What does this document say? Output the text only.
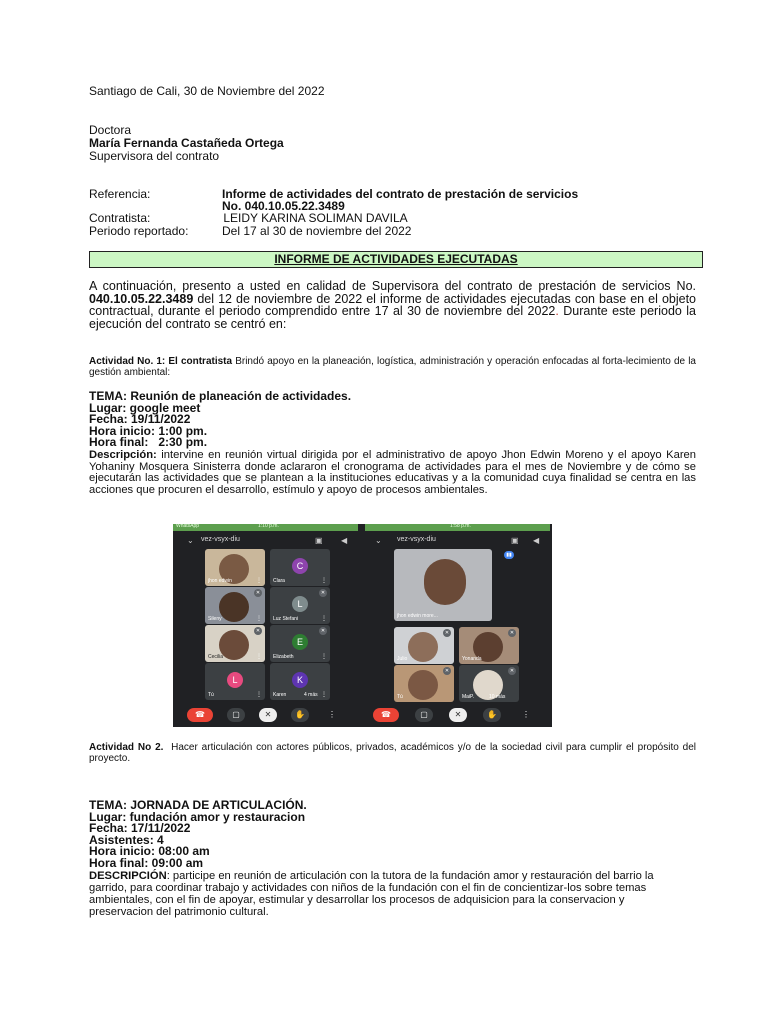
Santiago de Cali, 30 de Noviembre del 2022
Doctora
María Fernanda Castañeda Ortega
Supervisora del contrato
Referencia:	Informe de actividades del contrato de prestación de servicios
No. 040.10.05.22.3489
Contratista:	LEIDY KARINA SOLIMAN DAVILA
Periodo reportado:	Del 17 al 30 de noviembre del 2022
INFORME DE ACTIVIDADES EJECUTADAS
A continuación, presento a usted en calidad de Supervisora del contrato de prestación de servicios No. 040.10.05.22.3489 del 12 de noviembre de 2022 el informe de actividades ejecutadas con base en el objeto contractual, durante el periodo comprendido entre 17 al 30 de noviembre del 2022. Durante este periodo la ejecución del contrato se centró en:
Actividad No. 1: El contratista Brindó apoyo en la planeación, logística, administración y operación enfocadas al forta-lecimiento de la gestión ambiental:
TEMA: Reunión de planeación de actividades.
Lugar: google meet
Fecha: 19/11/2022
Hora inicio: 1:00 pm.
Hora final:   2:30 pm.
Descripción: intervine en reunión virtual dirigida por el administrativo de apoyo Jhon Edwin Moreno y el apoyo Karen Yohaniny Mosquera Sinisterra donde aclararon el cronograma de actividades para el mes de Noviembre y de cómo se ejecutarán las actividades que se plantean a la instituciones educativas y a la comunidad cuya finalidad se centra en las acciones que procuren el desarrollo, estímulo y apoyo de procesos ambientales.
WhatsApp	1:10 p.m.
⌄ vez-vsyx-diu	▣ ◀
jhon edwin	⋮
C
Clara	⋮
✕
Sileny	⋮
L
✕
Luz Stefani	⋮
✕
Cecilia	⋮
E
✕
Elizabeth	⋮
L
Tú	⋮
K
Karen	4 más ⋮
☎	▢	✕	✋	⋮
1:58 p.m.
⌄ vez-vsyx-diu	▣ ◀
jhon edwin more...
▮▮
✕
Julio
✕
Yonanda
✕
Tú
✕
MaiP.	10 más
☎	▢	✕	✋	⋮
Actividad No 2.  Hacer articulación con actores públicos, privados, académicos y/o de la sociedad civil para cumplir el propósito del proyecto.
TEMA: JORNADA DE ARTICULACIÓN.
Lugar: fundación amor y restauracion
Fecha: 17/11/2022
Asistentes: 4
Hora inicio: 08:00 am
Hora final: 09:00 am
DESCRIPCIÓN: participe en reunión de articulación con la tutora de la fundación amor y restauración del barrio la garrido, para coordinar trabajo y actividades con niños de la fundación con el fin de concientizar-los sobre temas ambientales, con el fin de apoyar, estimular y desarrollar los procesos de adquisicion para la conservacion y preservacion del patrimonio cultural.
